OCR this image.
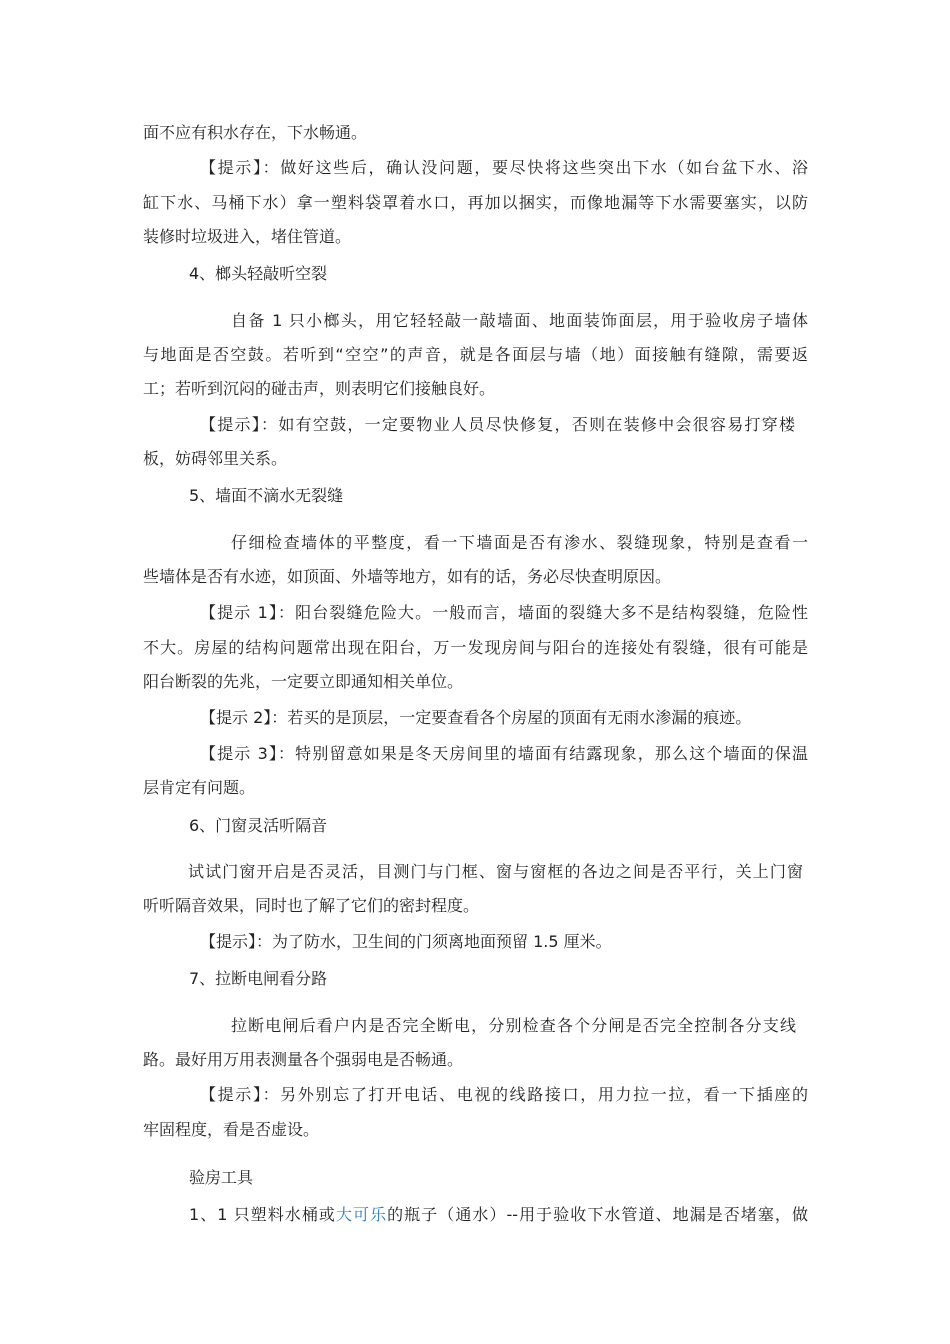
面不应有积水存在，下水畅通。
【提示】：做好这些后，确认没问题，要尽快将这些突出下水（如台盆下水、浴
缸下水、马桶下水）拿一塑料袋罩着水口，再加以捆实，而像地漏等下水需要塞实，以防
装修时垃圾进入，堵住管道。
4、榔头轻敲听空裂
自备 1 只小榔头，用它轻轻敲一敲墙面、地面装饰面层，用于验收房子墙体
与地面是否空鼓。若听到“空空”的声音，就是各面层与墙（地）面接触有缝隙，需要返
工；若听到沉闷的碰击声，则表明它们接触良好。
【提示】：如有空鼓，一定要物业人员尽快修复，否则在装修中会很容易打穿楼
板，妨碍邻里关系。
5、墙面不滴水无裂缝
仔细检查墙体的平整度，看一下墙面是否有渗水、裂缝现象，特别是查看一
些墙体是否有水迹，如顶面、外墙等地方，如有的话，务必尽快查明原因。
【提示 1】：阳台裂缝危险大。一般而言，墙面的裂缝大多不是结构裂缝，危险性
不大。房屋的结构问题常出现在阳台，万一发现房间与阳台的连接处有裂缝，很有可能是
阳台断裂的先兆，一定要立即通知相关单位。
【提示 2】：若买的是顶层，一定要查看各个房屋的顶面有无雨水渗漏的痕迹。
【提示 3】：特别留意如果是冬天房间里的墙面有结露现象，那么这个墙面的保温
层肯定有问题。
6、门窗灵活听隔音
试试门窗开启是否灵活，目测门与门框、窗与窗框的各边之间是否平行，关上门窗
听听隔音效果，同时也了解了它们的密封程度。
【提示】：为了防水，卫生间的门须离地面预留 1.5 厘米。
7、拉断电闸看分路
拉断电闸后看户内是否完全断电，分别检查各个分闸是否完全控制各分支线
路。最好用万用表测量各个强弱电是否畅通。
【提示】：另外别忘了打开电话、电视的线路接口，用力拉一拉，看一下插座的
牢固程度，看是否虚设。
验房工具
1、1 只塑料水桶或大可乐的瓶子（通水）--用于验收下水管道、地漏是否堵塞，做
